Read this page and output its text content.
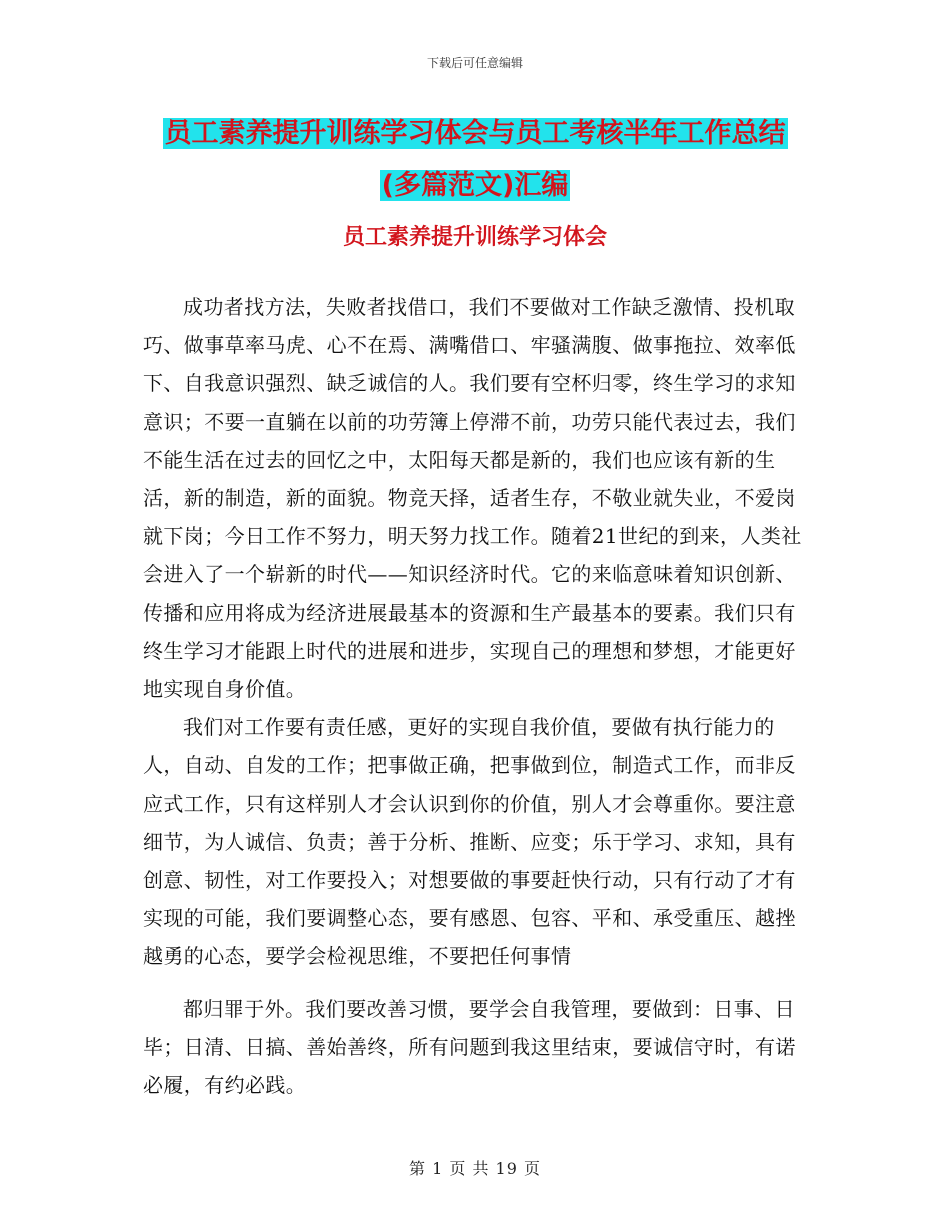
下载后可任意编辑
员工素养提升训练学习体会与员工考核半年工作总结
(多篇范文)汇编
员工素养提升训练学习体会

成功者找方法，失败者找借口，我们不要做对工作缺乏激情、投机取巧、做事草率马虎、心不在焉、满嘴借口、牢骚满腹、做事拖拉、效率低下、自我意识强烈、缺乏诚信的人。我们要有空杯归零，终生学习的求知意识；不要一直躺在以前的功劳簿上停滞不前，功劳只能代表过去，我们不能生活在过去的回忆之中，太阳每天都是新的，我们也应该有新的生活，新的制造，新的面貌。物竞天择，适者生存，不敬业就失业，不爱岗就下岗；今日工作不努力，明天努力找工作。随着21世纪的到来，人类社会进入了一个崭新的时代——知识经济时代。它的来临意味着知识创新、传播和应用将成为经济进展最基本的资源和生产最基本的要素。我们只有终生学习才能跟上时代的进展和进步，实现自己的理想和梦想，才能更好地实现自身价值。

我们对工作要有责任感，更好的实现自我价值，要做有执行能力的人，自动、自发的工作；把事做正确，把事做到位，制造式工作，而非反应式工作，只有这样别人才会认识到你的价值，别人才会尊重你。要注意细节，为人诚信、负责；善于分析、推断、应变；乐于学习、求知，具有创意、韧性，对工作要投入；对想要做的事要赶快行动，只有行动了才有实现的可能，我们要调整心态，要有感恩、包容、平和、承受重压、越挫越勇的心态，要学会检视思维，不要把任何事情

都归罪于外。我们要改善习惯，要学会自我管理，要做到：日事、日毕；日清、日搞、善始善终，所有问题到我这里结束，要诚信守时，有诺必履，有约必践。

第 1 页 共 19 页
